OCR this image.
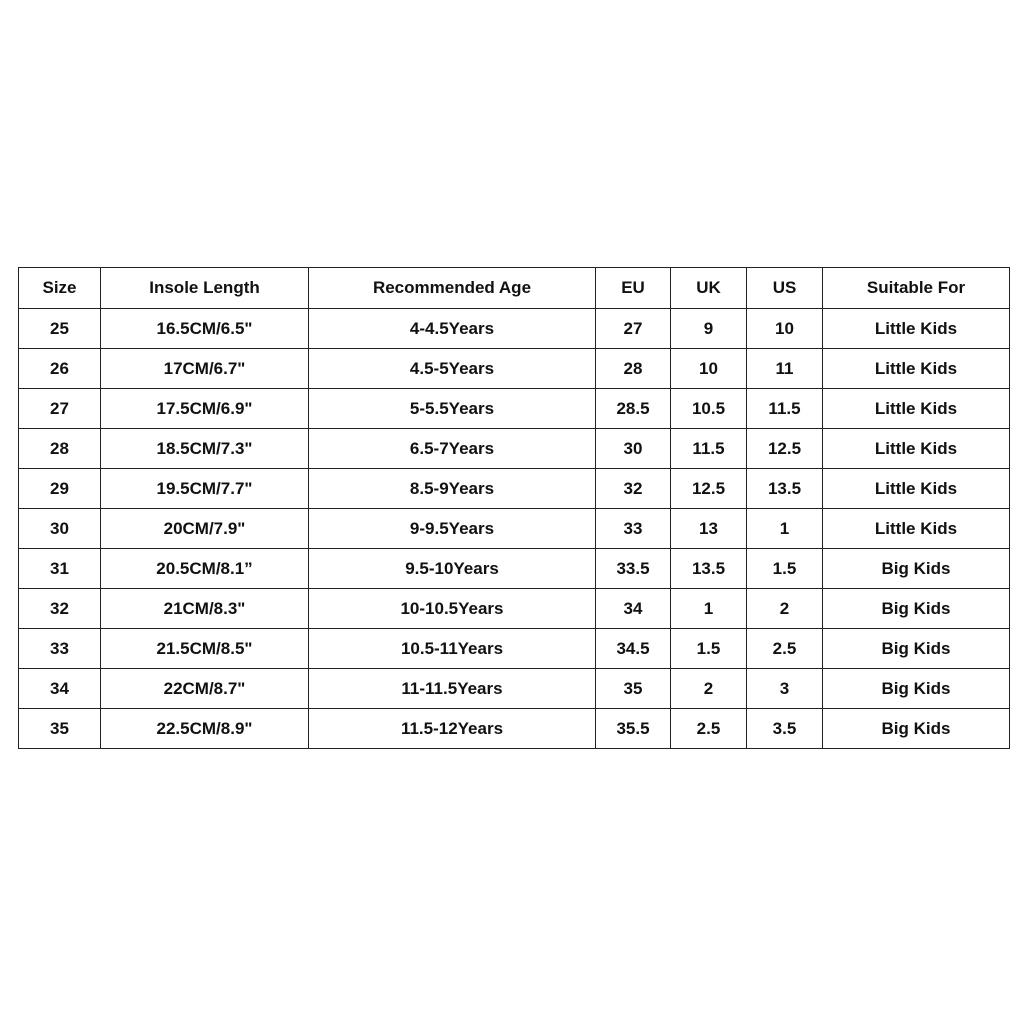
Size	Insole Length	Recommended Age	EU	UK	US	Suitable For
25	16.5CM/6.5"	4-4.5Years	27	9	10	Little Kids
26	17CM/6.7"	4.5-5Years	28	10	11	Little Kids
27	17.5CM/6.9"	5-5.5Years	28.5	10.5	11.5	Little Kids
28	18.5CM/7.3"	6.5-7Years	30	11.5	12.5	Little Kids
29	19.5CM/7.7"	8.5-9Years	32	12.5	13.5	Little Kids
30	20CM/7.9"	9-9.5Years	33	13	1	Little Kids
31	20.5CM/8.1”	9.5-10Years	33.5	13.5	1.5	Big Kids
32	21CM/8.3"	10-10.5Years	34	1	2	Big Kids
33	21.5CM/8.5"	10.5-11Years	34.5	1.5	2.5	Big Kids
34	22CM/8.7"	11-11.5Years	35	2	3	Big Kids
35	22.5CM/8.9"	11.5-12Years	35.5	2.5	3.5	Big Kids
